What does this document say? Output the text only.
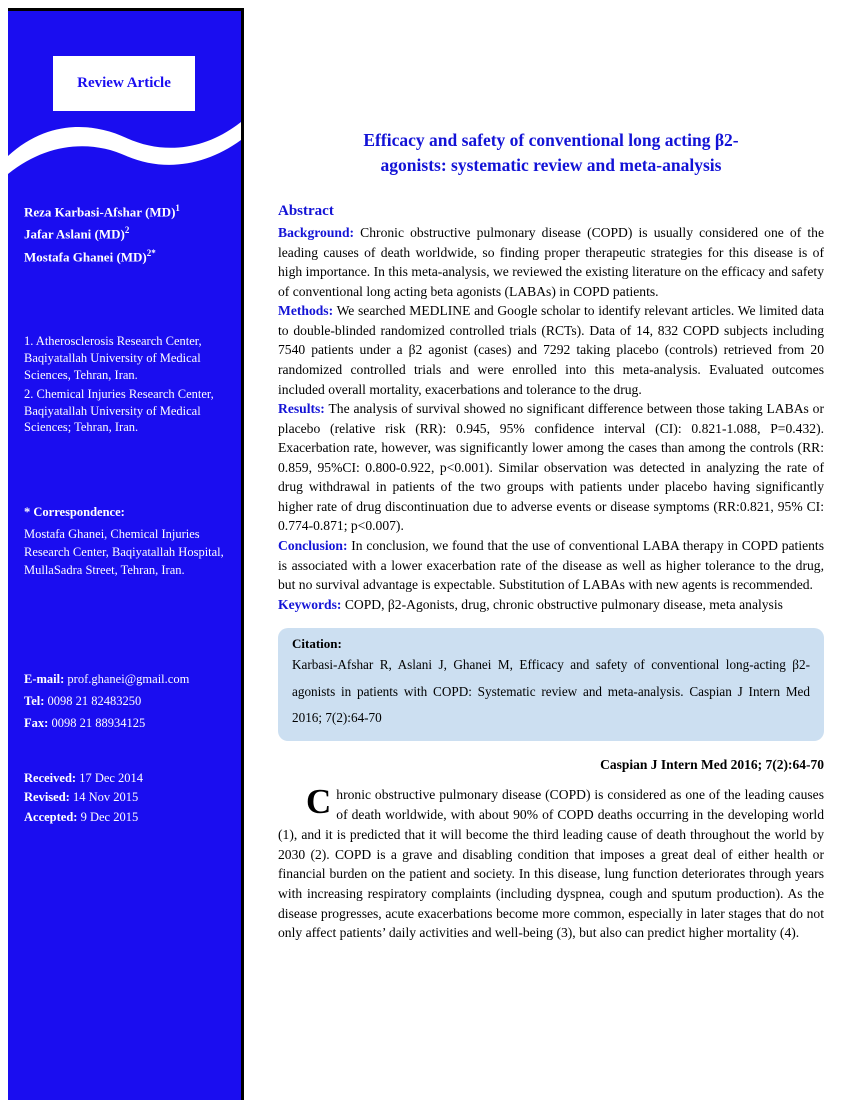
Review Article
Reza Karbasi-Afshar (MD)$^1$
Jafar Aslani (MD)$^2$
Mostafa Ghanei (MD)$^{2*}$

1. Atherosclerosis Research Center, Baqiyatallah University of Medical Sciences, Tehran, Iran.

2. Chemical Injuries Research Center, Baqiyatallah University of Medical Sciences; Tehran, Iran.

* Correspondence:
Mostafa Ghanei, Chemical Injuries Research Center, Baqiyatallah Hospital, MullaSadra Street, Tehran, Iran.
E-mail: prof.ghanei@gmail.com
Tel: 0098 21 82483250
Fax: 0098 21 88934125
Received: 17 Dec 2014
Revised: 14 Nov 2015
Accepted: 9 Dec 2015
Efficacy and safety of conventional long acting β2-
agonists: systematic review and meta-analysis
Abstract

Background: Chronic obstructive pulmonary disease (COPD) is usually considered one of the leading causes of death worldwide, so finding proper therapeutic strategies for this disease is of high importance. In this meta-analysis, we reviewed the existing literature on the efficacy and safety of conventional long acting beta agonists (LABAs) in COPD patients.

Methods: We searched MEDLINE and Google scholar to identify relevant articles. We limited data to double-blinded randomized controlled trials (RCTs). Data of 14, 832 COPD subjects including 7540 patients under a β2 agonist (cases) and 7292 taking placebo (controls) retrieved from 20 randomized controlled trials and were enrolled into this meta-analysis. Evaluated outcomes included overall mortality, exacerbations and tolerance to the drug.

Results: The analysis of survival showed no significant difference between those taking LABAs or placebo (relative risk (RR): 0.945, 95% confidence interval (CI): 0.821-1.088, P=0.432). Exacerbation rate, however, was significantly lower among the cases than among the controls (RR: 0.859, 95%CI: 0.800-0.922, p<0.001). Similar observation was detected in analyzing the rate of drug withdrawal in patients of the two groups with patients under placebo having significantly higher rate of drug discontinuation due to adverse events or disease symptoms (RR:0.821, 95% CI: 0.774-0.871; p<0.007).

Conclusion: In conclusion, we found that the use of conventional LABA therapy in COPD patients is associated with a lower exacerbation rate of the disease as well as higher tolerance to the drug, but no survival advantage is expectable. Substitution of LABAs with new agents is recommended.

Keywords: COPD, β2-Agonists, drug, chronic obstructive pulmonary disease, meta analysis

Citation:
Karbasi-Afshar R, Aslani J, Ghanei M, Efficacy and safety of conventional long-acting β2-agonists in patients with COPD: Systematic review and meta-analysis. Caspian J Intern Med 2016; 7(2):64-70
Caspian J Intern Med 2016; 7(2):64-70

Chronic obstructive pulmonary disease (COPD) is considered as one of the leading causes of death worldwide, with about 90% of COPD deaths occurring in the developing world (1), and it is predicted that it will become the third leading cause of death throughout the world by 2030 (2). COPD is a grave and disabling condition that imposes a great deal of either health or financial burden on the patient and society. In this disease, lung function deteriorates through years with increasing respiratory complaints (including dyspnea, cough and sputum production). As the disease progresses, acute exacerbations become more common, especially in later stages that do not only affect patients’ daily activities and well-being (3), but also can predict higher mortality (4).
